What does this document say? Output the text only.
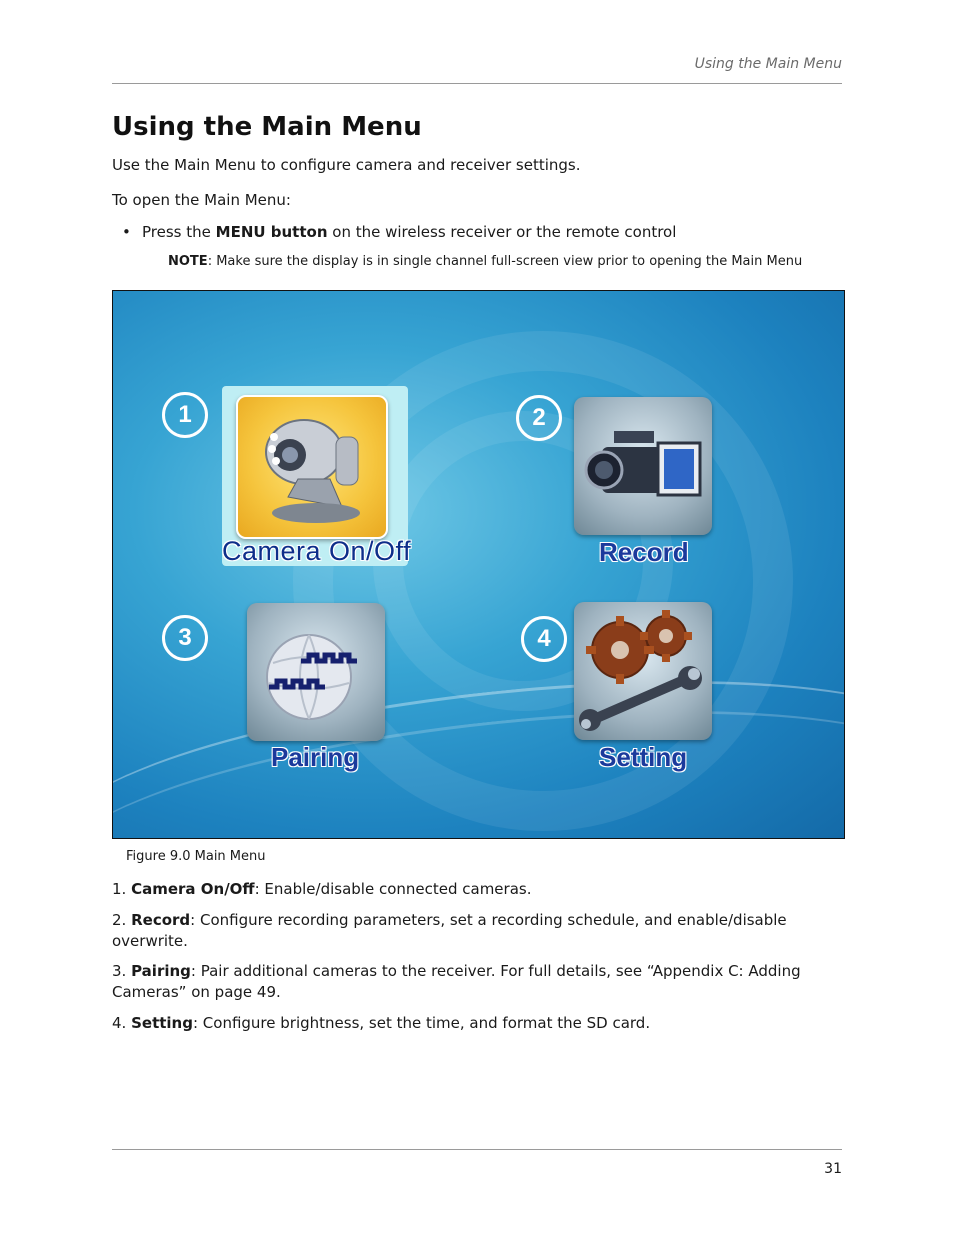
Using the Main Menu
Using the Main Menu

Use the Main Menu to configure camera and receiver settings.

To open the Main Menu:

• Press the MENU button on the wireless receiver or the remote control
NOTE: Make sure the display is in single channel full-screen view prior to opening the Main Menu
1
Camera On/Off
2
Record
3
Pairing
4
Setting
Figure 9.0 Main Menu
1. Camera On/Off: Enable/disable connected cameras.
2. Record: Configure recording parameters, set a recording schedule, and enable/disable overwrite.
3. Pairing: Pair additional cameras to the receiver. For full details, see “Appendix C: Adding Cameras” on page 49.
4. Setting: Configure brightness, set the time, and format the SD card.
31
